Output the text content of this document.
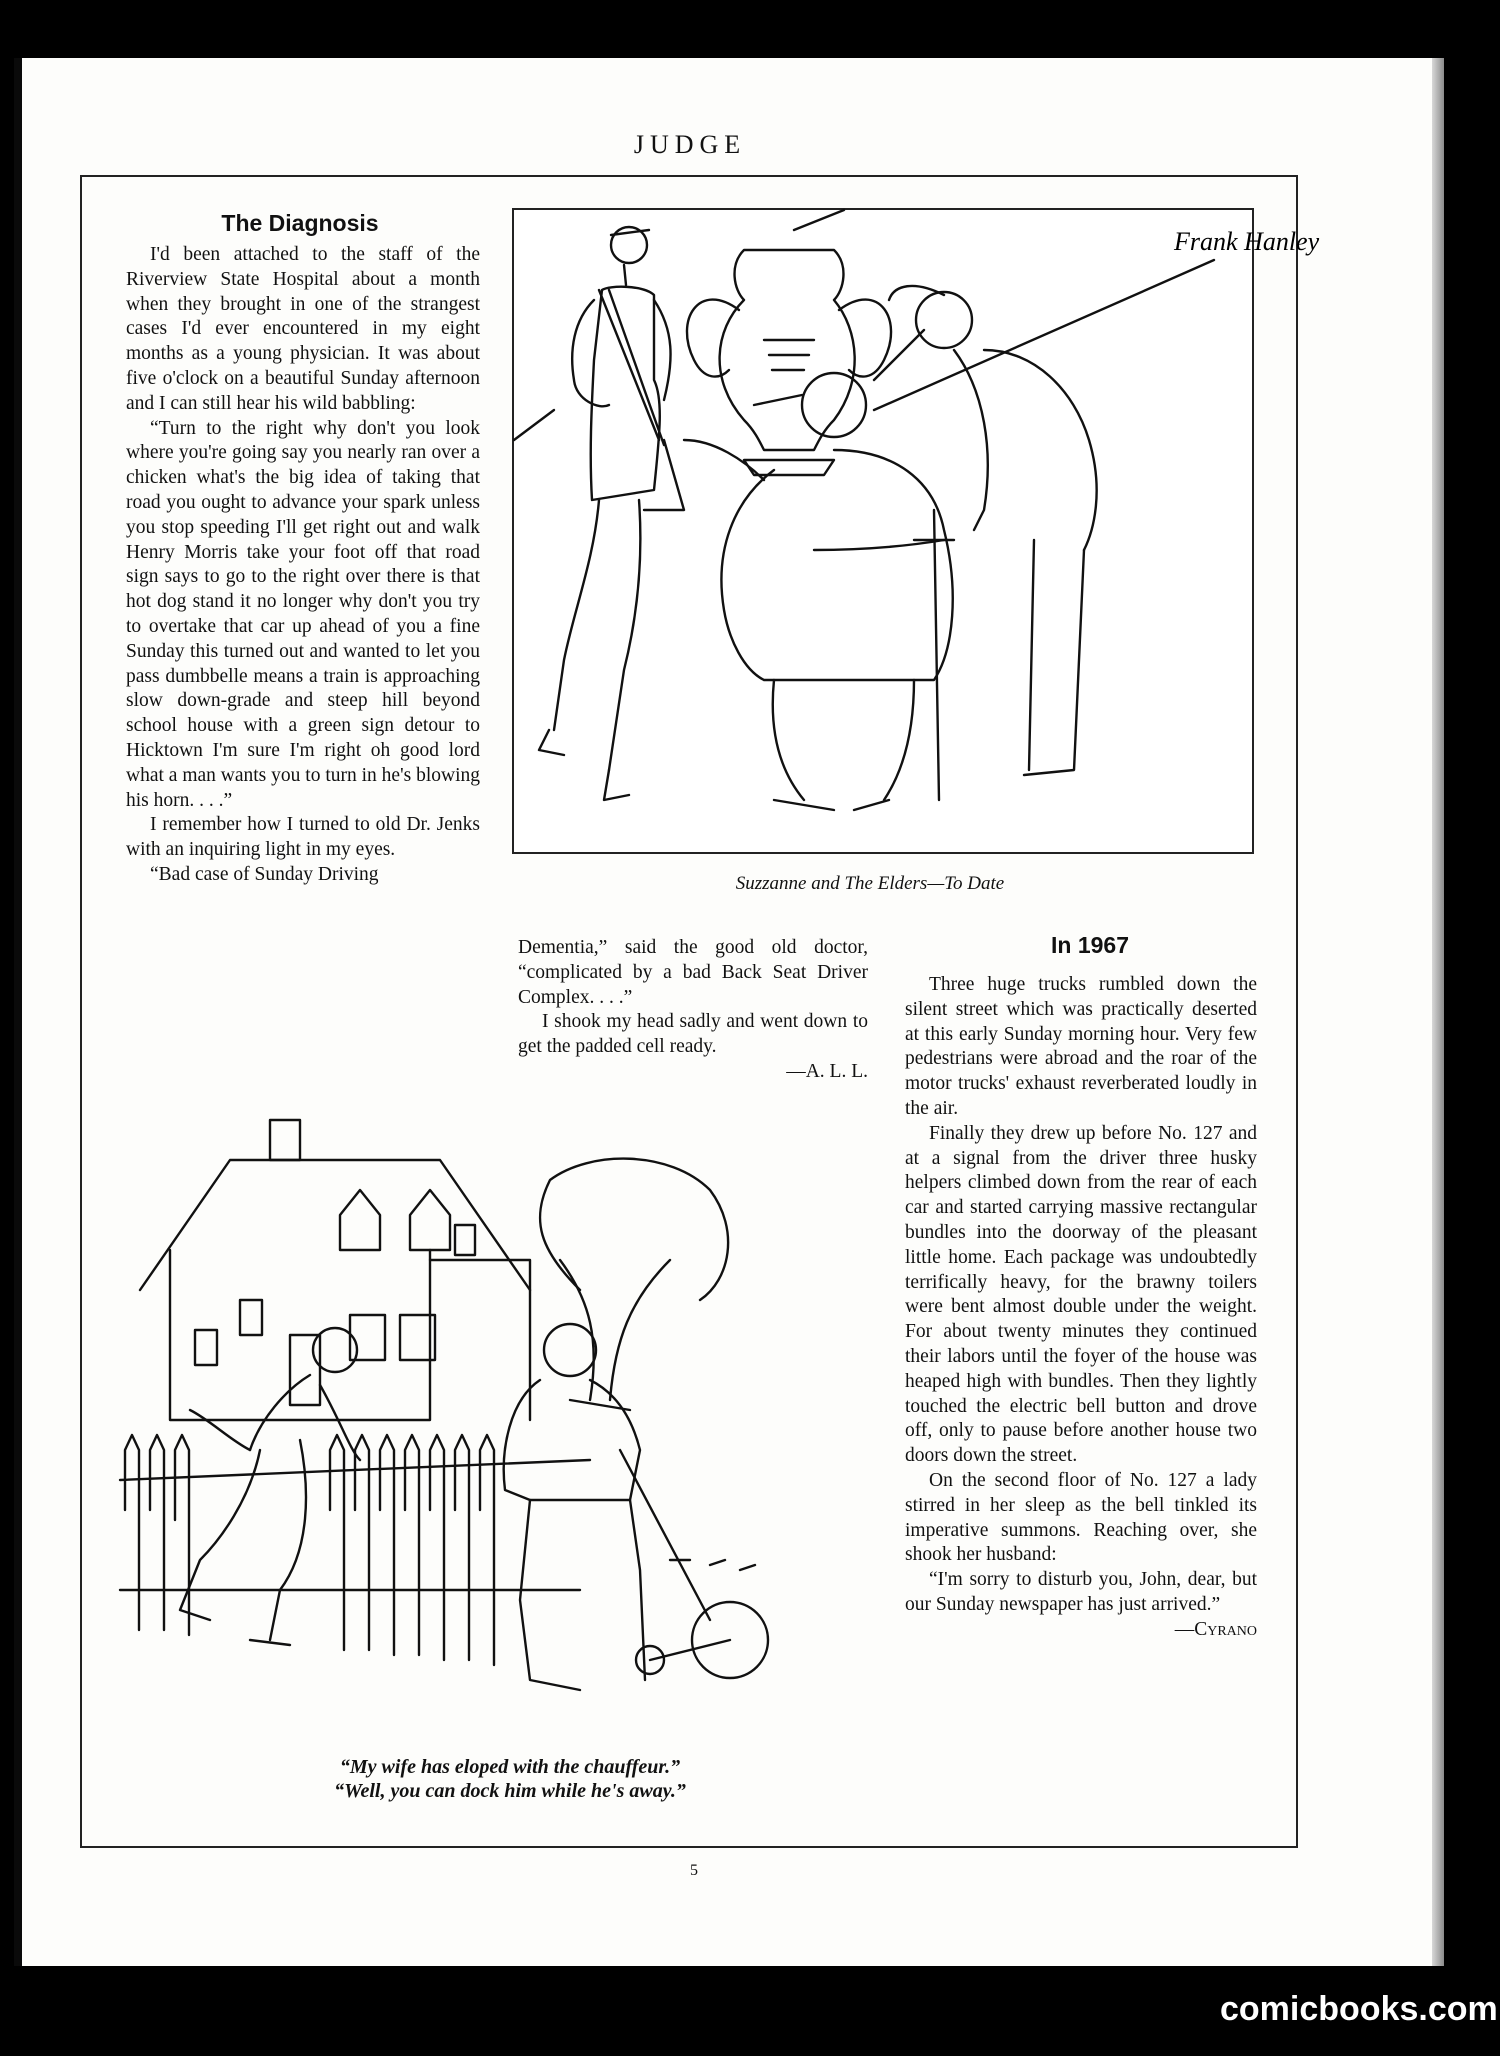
JUDGE
The Diagnosis

I'd been attached to the staff of the Riverview State Hospital about a month when they brought in one of the strangest cases I'd ever encountered in my eight months as a young physician. It was about five o'clock on a beautiful Sunday afternoon and I can still hear his wild babbling:

“Turn to the right why don't you look where you're going say you nearly ran over a chicken what's the big idea of taking that road you ought to advance your spark unless you stop speeding I'll get right out and walk Henry Morris take your foot off that road sign says to go to the right over there is that hot dog stand it no longer why don't you try to overtake that car up ahead of you a fine Sunday this turned out and wanted to let you pass dumbbelle means a train is approaching slow down-grade and steep hill beyond school house with a green sign detour to Hicktown I'm sure I'm right oh good lord what a man wants you to turn in he's blowing his horn. . . .”

I remember how I turned to old Dr. Jenks with an inquiring light in my eyes.

“Bad case of Sunday Driving

Dementia,” said the good old doctor, “complicated by a bad Back Seat Driver Complex. . . .”

I shook my head sadly and went down to get the padded cell ready.

—A. L. L.

Frank Hanley
Suzzanne and The Elders—To Date
In 1967

Three huge trucks rumbled down the silent street which was practically deserted at this early Sunday morning hour. Very few pedestrians were abroad and the roar of the motor trucks' exhaust reverberated loudly in the air.

Finally they drew up before No. 127 and at a signal from the driver three husky helpers climbed down from the rear of each car and started carrying massive rectangular bundles into the doorway of the pleasant little home. Each package was undoubtedly terrifically heavy, for the brawny toilers were bent almost double under the weight. For about twenty minutes they continued their labors until the foyer of the house was heaped high with bundles. Then they lightly touched the electric bell button and drove off, only to pause before another house two doors down the street.

On the second floor of No. 127 a lady stirred in her sleep as the bell tinkled its imperative summons. Reaching over, she shook her husband:

“I'm sorry to disturb you, John, dear, but our Sunday newspaper has just arrived.”

—Cyrano

“My wife has eloped with the chauffeur.”
“Well, you can dock him while he's away.”
5
comicbooks.com
